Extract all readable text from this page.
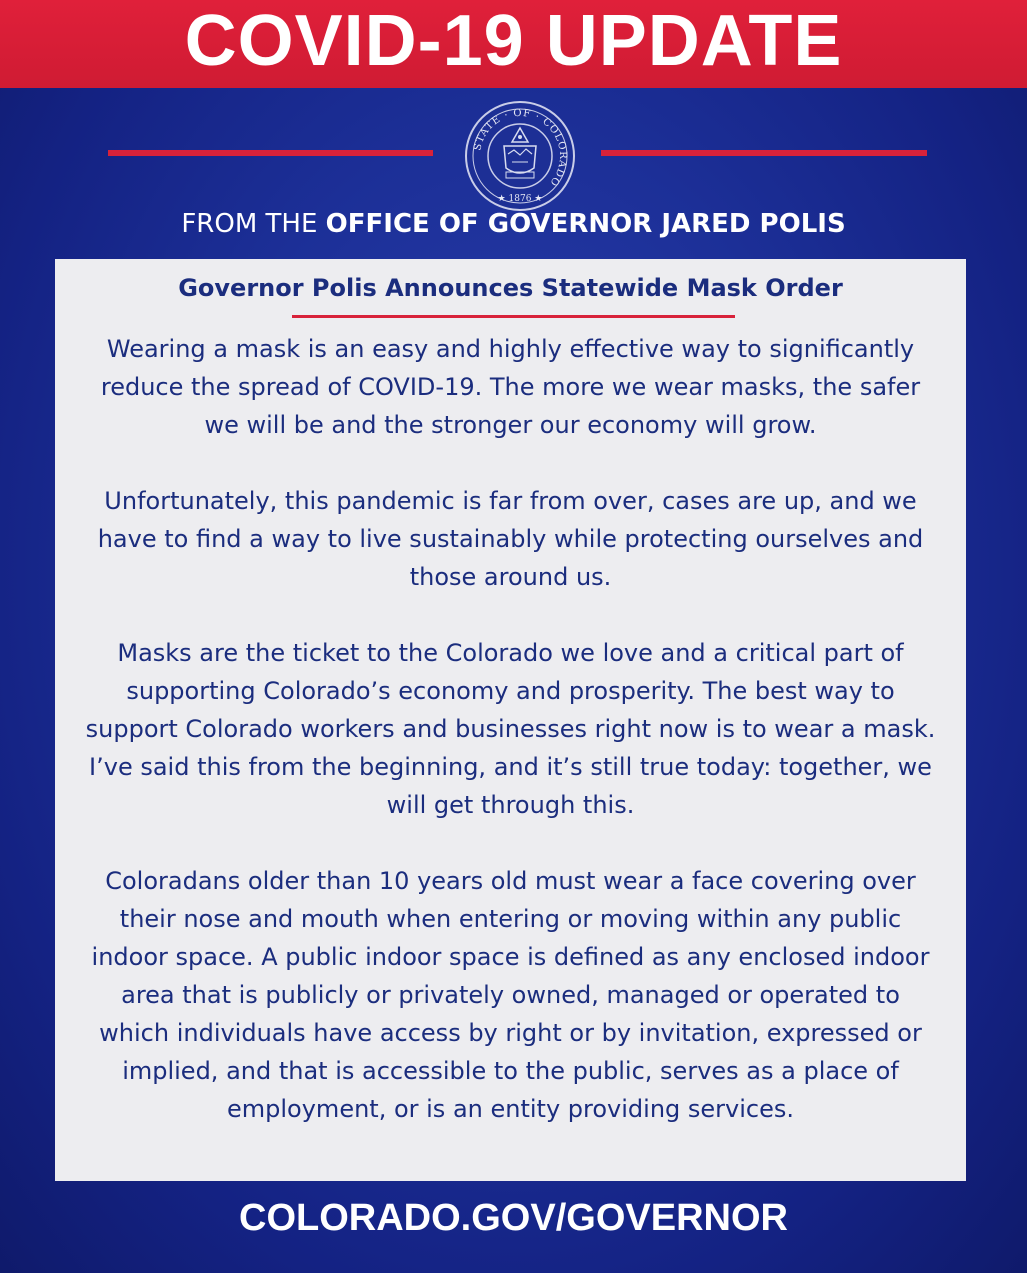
COVID-19 UPDATE
STATE · OF · COLORADO
★ 1876 ★
FROM THE OFFICE OF GOVERNOR JARED POLIS
Governor Polis Announces Statewide Mask Order
Wearing a mask is an easy and highly effective way to significantly
reduce the spread of COVID-19. The more we wear masks, the safer
we will be and the stronger our economy will grow.
Unfortunately, this pandemic is far from over, cases are up, and we
have to find a way to live sustainably while protecting ourselves and
those around us.
Masks are the ticket to the Colorado we love and a critical part of
supporting Colorado’s economy and prosperity. The best way to
support Colorado workers and businesses right now is to wear a mask.
I’ve said this from the beginning, and it’s still true today: together, we
will get through this.
Coloradans older than 10 years old must wear a face covering over
their nose and mouth when entering or moving within any public
indoor space. A public indoor space is defined as any enclosed indoor
area that is publicly or privately owned, managed or operated to
which individuals have access by right or by invitation, expressed or
implied, and that is accessible to the public, serves as a place of
employment, or is an entity providing services.
COLORADO.GOV/GOVERNOR
